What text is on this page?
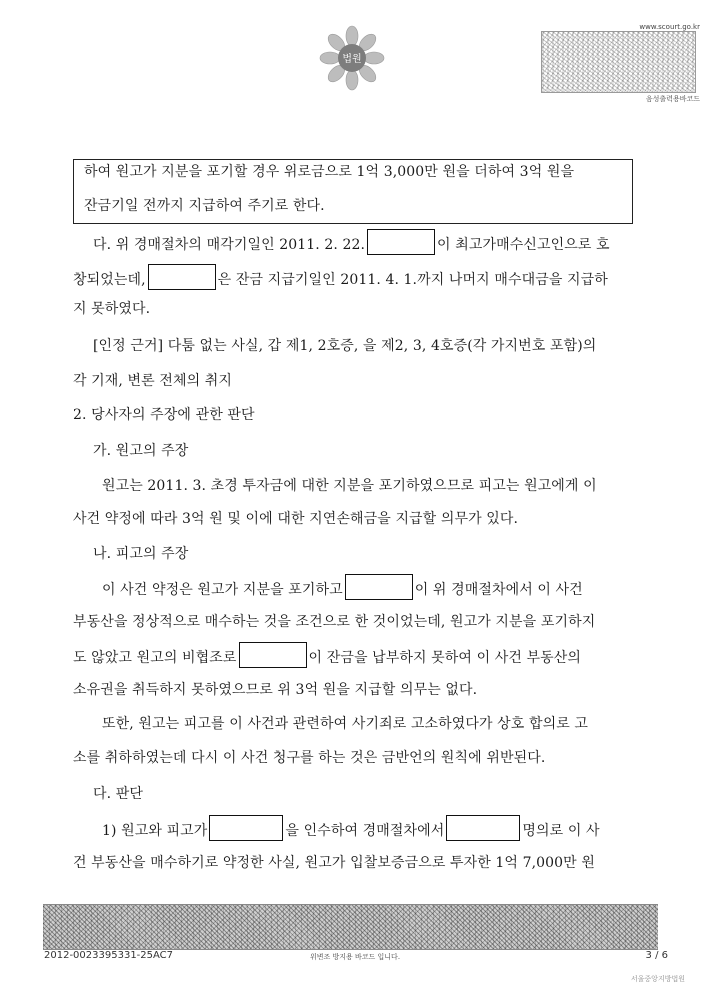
법원
www.scourt.go.kr
음성출력용바코드
하여 원고가 지분을 포기할 경우 위로금으로 1억 3,000만 원을 더하여 3억 원을
잔금기일 전까지 지급하여 주기로 한다.
다. 위 경매절차의 매각기일인 2011. 2. 22.	이 최고가매수신고인으로 호
창되었는데,	은 잔금 지급기일인 2011. 4. 1.까지 나머지 매수대금을 지급하
지 못하였다.
[인정 근거] 다툼 없는 사실, 갑 제1, 2호증, 을 제2, 3, 4호증(각 가지번호 포함)의
각 기재, 변론 전체의 취지
2. 당사자의 주장에 관한 판단
가. 원고의 주장
원고는 2011. 3. 초경 투자금에 대한 지분을 포기하였으므로 피고는 원고에게 이
사건 약정에 따라 3억 원 및 이에 대한 지연손해금을 지급할 의무가 있다.
나. 피고의 주장
이 사건 약정은 원고가 지분을 포기하고	이 위 경매절차에서 이 사건
부동산을 정상적으로 매수하는 것을 조건으로 한 것이었는데, 원고가 지분을 포기하지
도 않았고 원고의 비협조로	이 잔금을 납부하지 못하여 이 사건 부동산의
소유권을 취득하지 못하였으므로 위 3억 원을 지급할 의무는 없다.
또한, 원고는 피고를 이 사건과 관련하여 사기죄로 고소하였다가 상호 합의로 고
소를 취하하였는데 다시 이 사건 청구를 하는 것은 금반언의 원칙에 위반된다.
다. 판단
1) 원고와 피고가	을 인수하여 경매절차에서	명의로 이 사
건 부동산을 매수하기로 약정한 사실, 원고가 입찰보증금으로 투자한 1억 7,000만 원
2012-0023395331-25AC7	위변조 방지용 바코드 입니다.	3 / 6
서울중앙지방법원
